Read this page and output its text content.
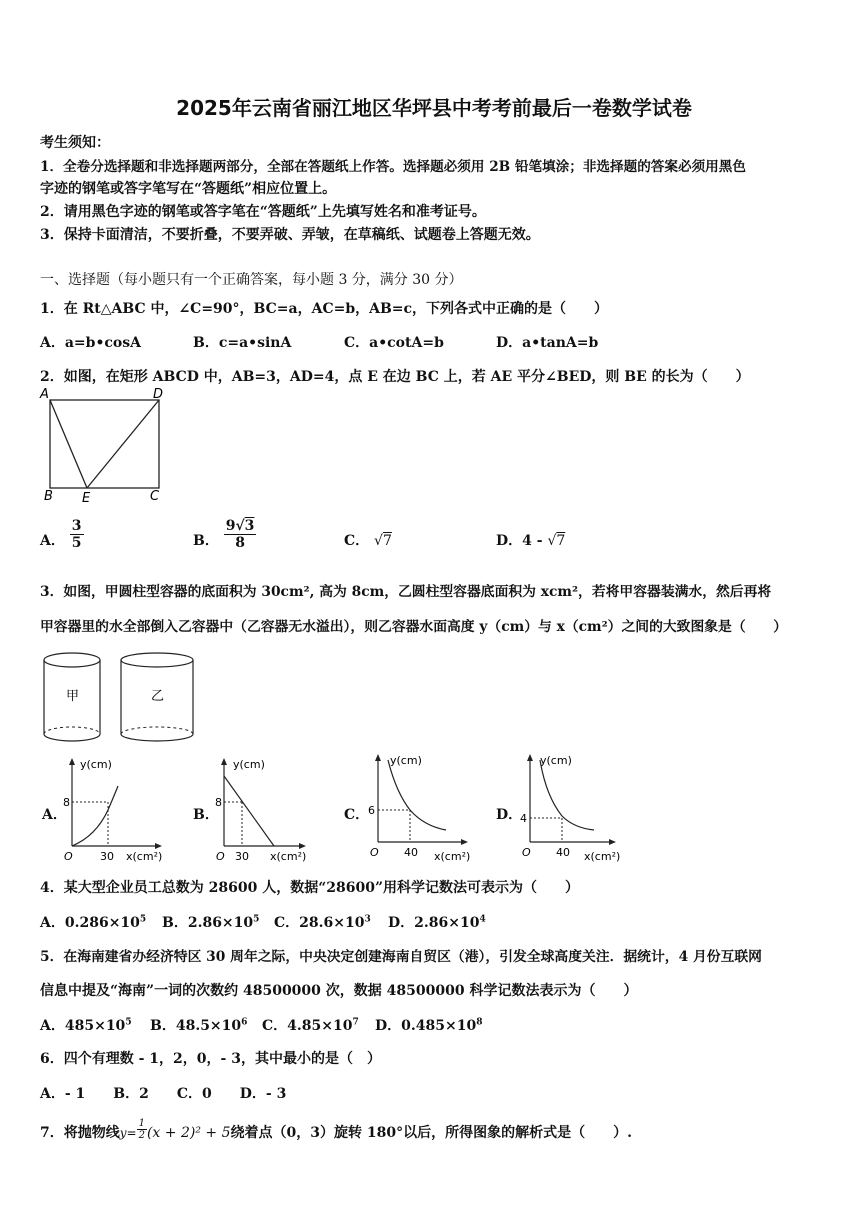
2025年云南省丽江地区华坪县中考考前最后一卷数学试卷
考生须知：
1．全卷分选择题和非选择题两部分，全部在答题纸上作答。选择题必须用 2B 铅笔填涂；非选择题的答案必须用黑色
字迹的钢笔或答字笔写在“答题纸”相应位置上。
2．请用黑色字迹的钢笔或答字笔在“答题纸”上先填写姓名和准考证号。
3．保持卡面清洁，不要折叠，不要弄破、弄皱，在草稿纸、试题卷上答题无效。
一、选择题（每小题只有一个正确答案，每小题 3 分，满分 30 分）
1．在 Rt△ABC 中，∠C=90°，BC=a，AC=b，AB=c，下列各式中正确的是（　　）
A．a=b•cosA	B．c=a•sinA	C．a•cotA=b	D．a•tanA=b
2．如图，在矩形 ABCD 中，AB=3，AD=4，点 E 在边 BC 上，若 AE 平分∠BED，则 BE 的长为（　　）
A	D
B E	C
A． $\frac{3}{5}$	B． $\frac{9√3}{8}$	C． √7	D．4 - √7
3．如图，甲圆柱型容器的底面积为 30cm², 高为 8cm，乙圆柱型容器底面积为 xcm²，若将甲容器装满水，然后再将
甲容器里的水全部倒入乙容器中（乙容器无水溢出），则乙容器水面高度 y（cm）与 x（cm²）之间的大致图象是（　　）
甲	乙
A．
y(cm)
8
O 30 x(cm²)
B．
y(cm)
8
O 30 x(cm²)
C．
y(cm)
6
O 40 x(cm²)
D．
y(cm)
4
O 40 x(cm²)
4．某大型企业员工总数为 28600 人，数据“28600”用科学记数法可表示为（　　）
A．$0.286\times 10^5$ B．$2.86\times 10^5$ C．$28.6\times 10^3$ D．$2.86\times 10^4$
5．在海南建省办经济特区 30 周年之际，中央决定创建海南自贸区（港），引发全球高度关注．据统计，4 月份互联网
信息中提及“海南”一词的次数约 48500000 次，数据 48500000 科学记数法表示为（　　）
A．$485\times 10^5$ B．$48.5\times 10^6$ C．$4.85\times 10^7$ D．$0.485\times 10^8$
6．四个有理数 - 1，2，0，- 3，其中最小的是（　）
A．- 1　　B．2　　C．0　　D．- 3
7．将抛物线$y= \frac{1}{2} (x + 2)^2 + 5$绕着点（0，3）旋转 180°以后，所得图象的解析式是（　　）.
